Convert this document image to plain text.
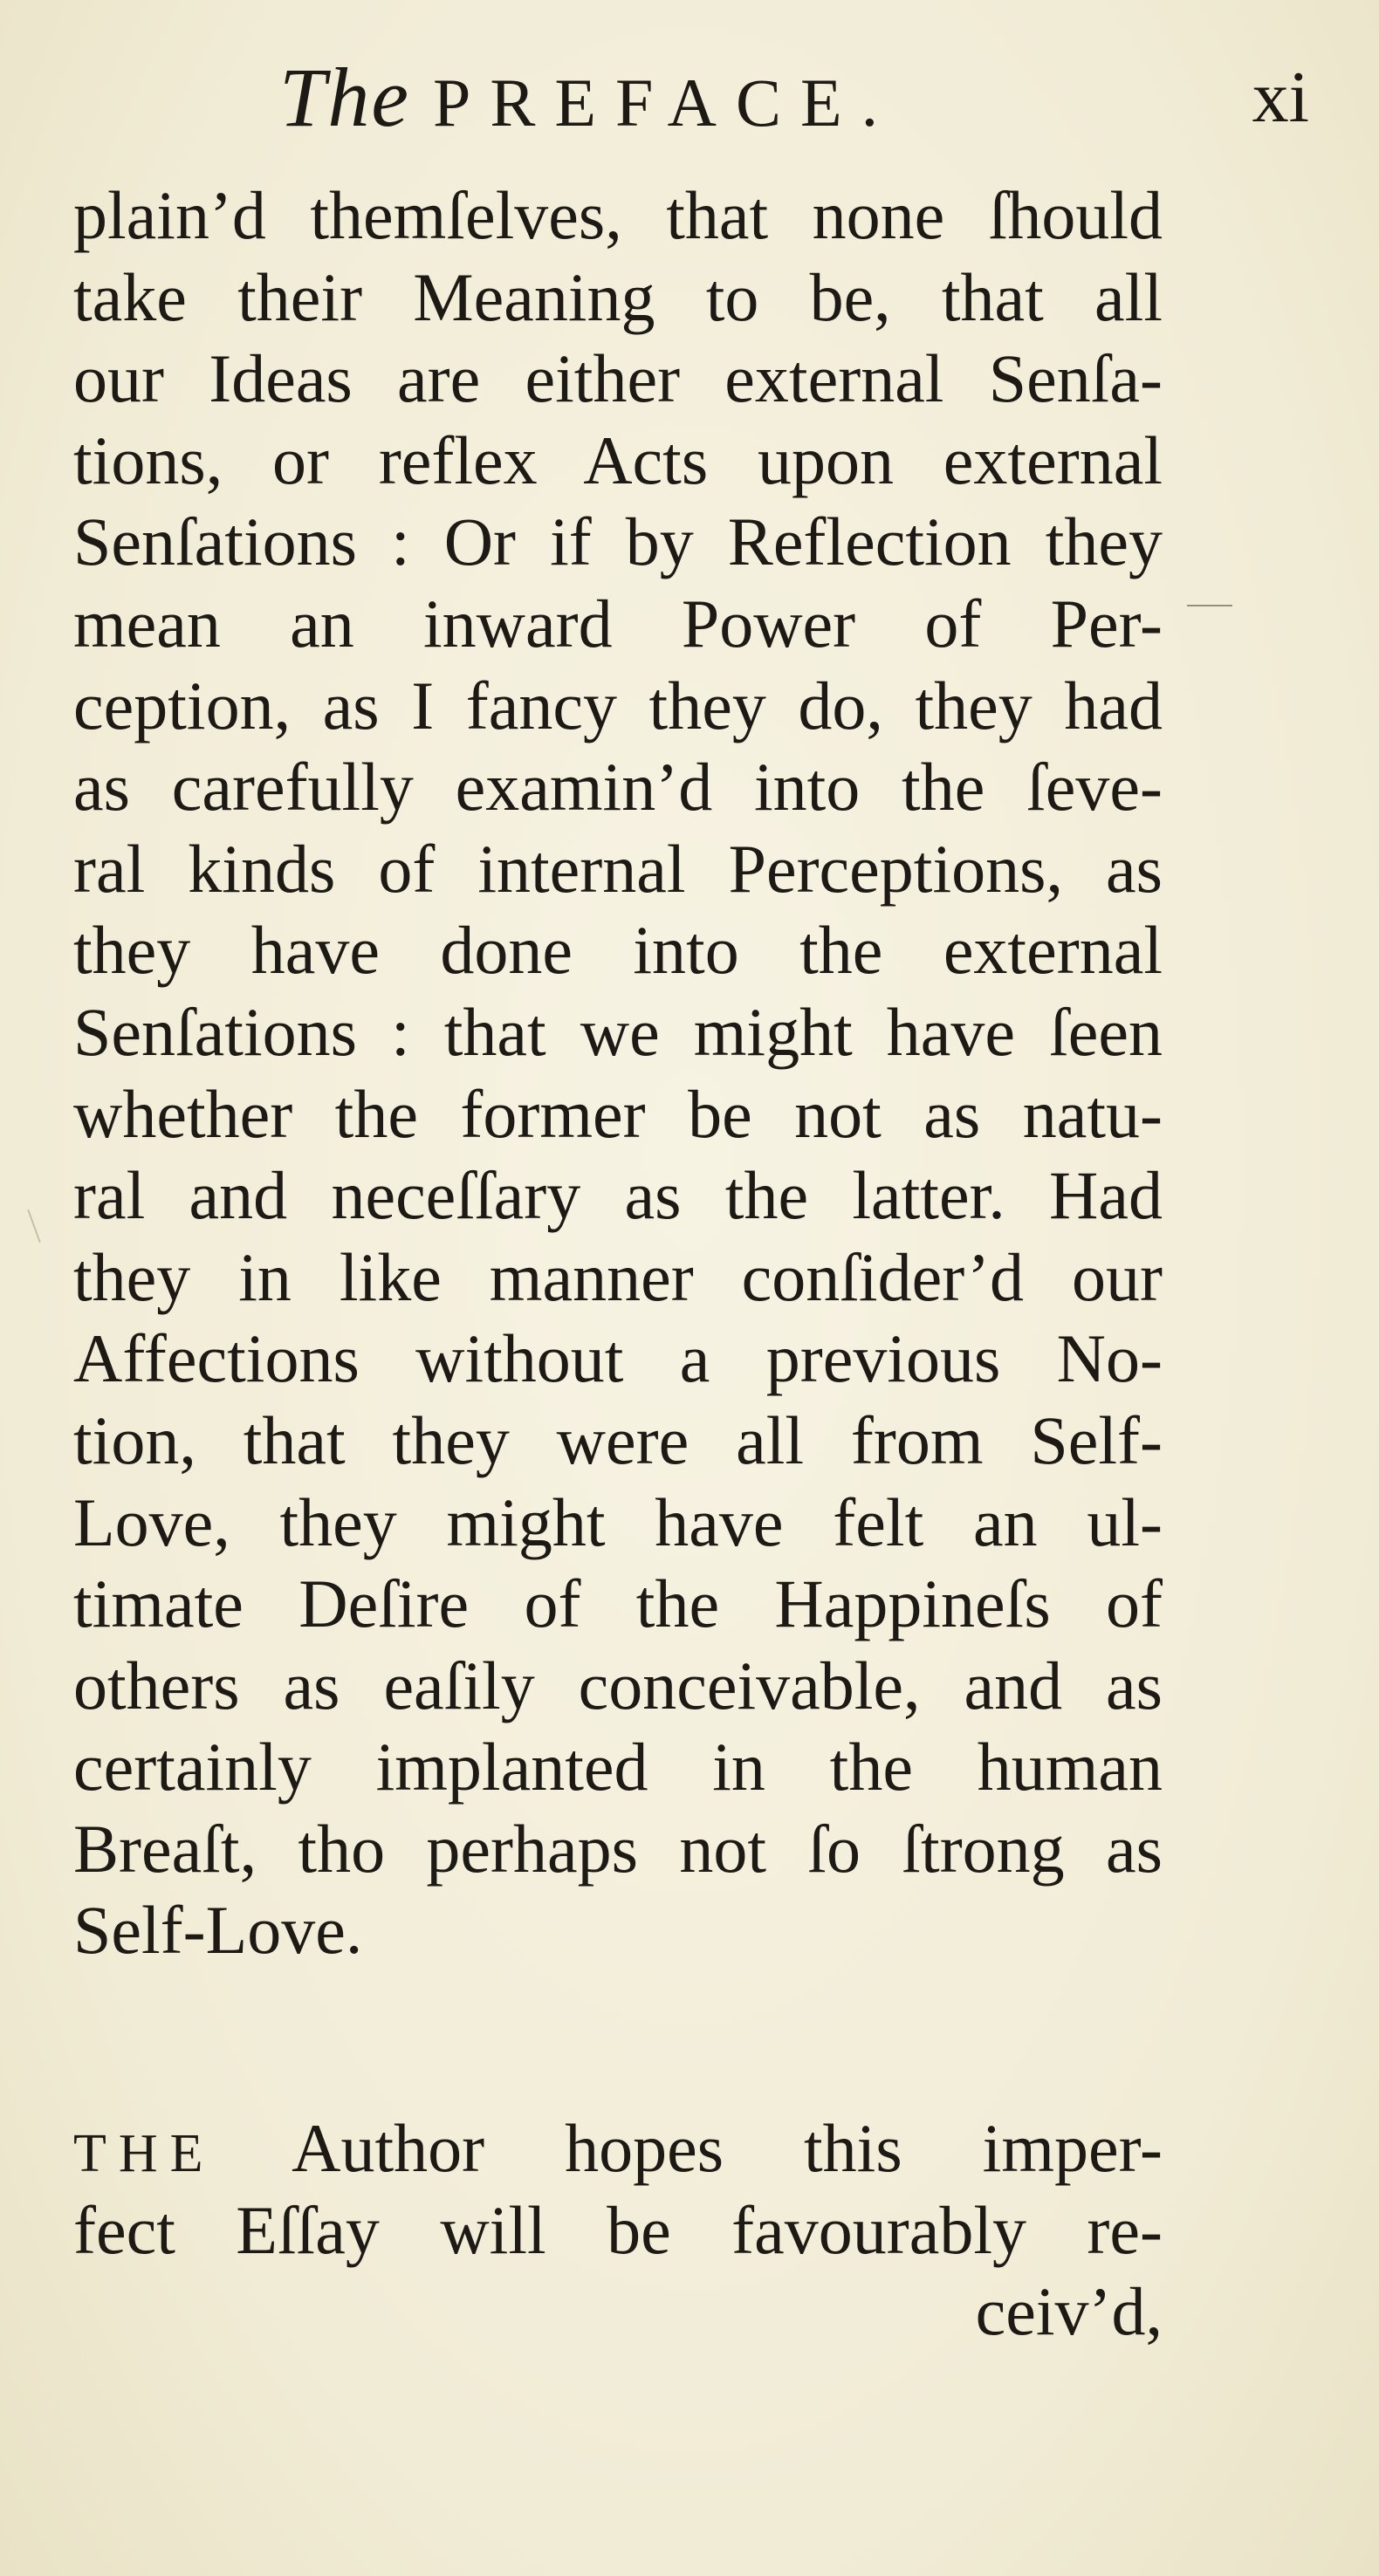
The PREFACE.	xi
plain’d themſelves, that none ſhould
take their Meaning to be, that all
our Ideas are either external Senſa-
tions, or reflex Acts upon external
Senſations : Or if by Reflection they
mean an inward Power of Per-
ception, as I fancy they do, they had
as carefully examin’d into the ſeve-
ral kinds of internal Perceptions, as
they have done into the external
Senſations : that we might have ſeen
whether the former be not as natu-
ral and neceſſary as the latter. Had
they in like manner conſider’d our
Affections without a previous No-
tion, that they were all from Self-
Love, they might have felt an ul-
timate Deſire of the Happineſs of
others as eaſily conceivable, and as
certainly implanted in the human
Breaſt, tho perhaps not ſo ſtrong as
Self-Love.
THE Author hopes this imper-
fect Eſſay will be favourably re-
ceiv’d,
